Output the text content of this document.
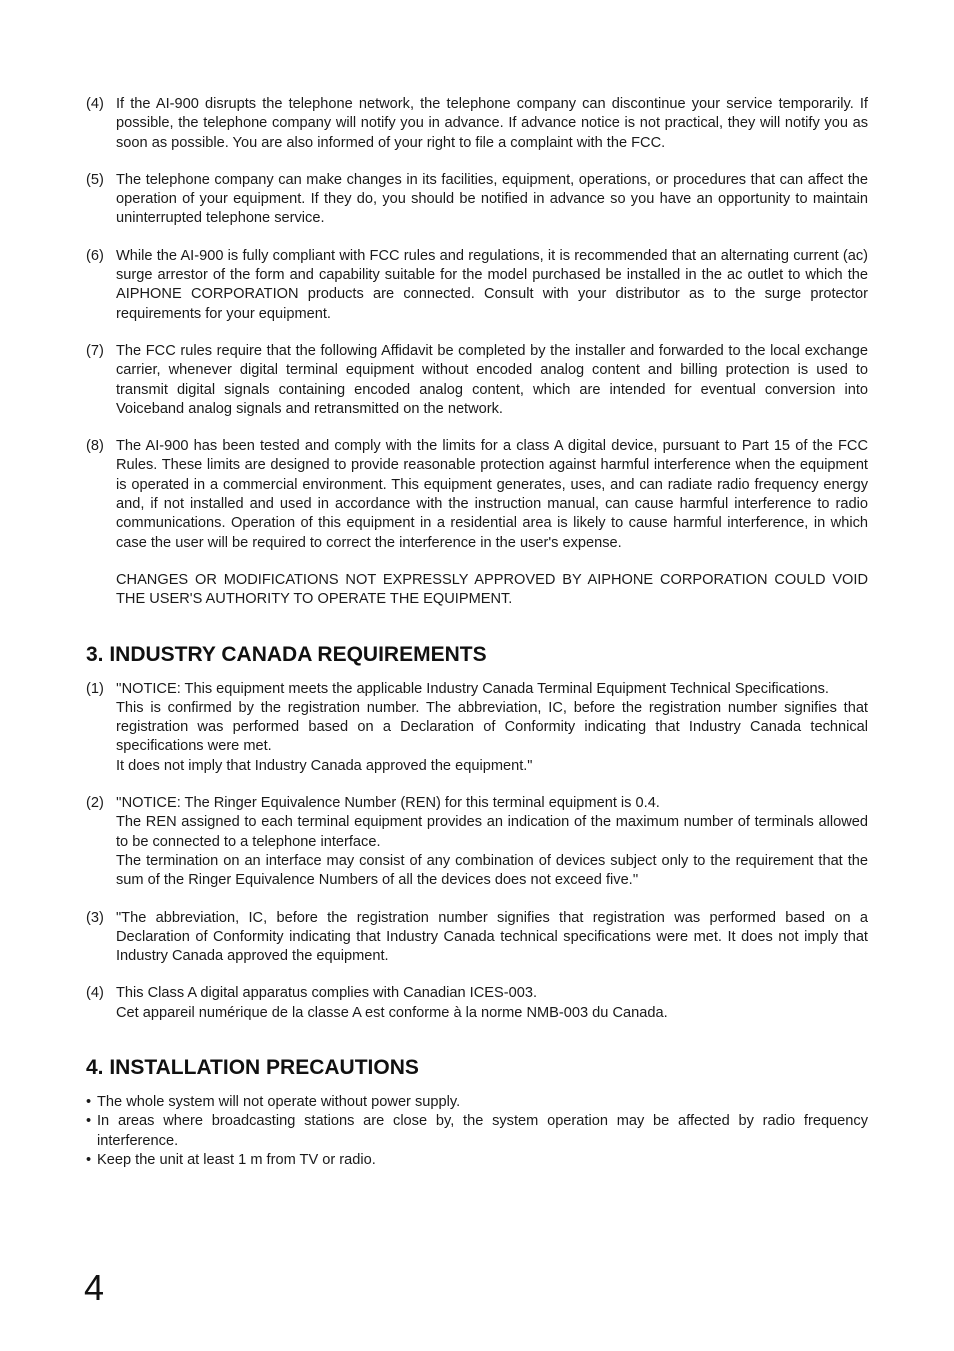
(4) If the AI-900 disrupts the telephone network, the telephone company can discontinue your service temporarily. If possible, the telephone company will notify you in advance. If advance notice is not practical, they will notify you as soon as possible. You are also informed of your right to file a complaint with the FCC.

(5) The telephone company can make changes in its facilities, equipment, operations, or procedures that can affect the operation of your equipment. If they do, you should be notified in advance so you have an opportunity to maintain uninterrupted telephone service.

(6) While the AI-900 is fully compliant with FCC rules and regulations, it is recommended that an alternating current (ac) surge arrestor of the form and capability suitable for the model purchased be installed in the ac outlet to which the AIPHONE CORPORATION products are connected. Consult with your distributor as to the surge protector requirements for your equipment.

(7) The FCC rules require that the following Affidavit be completed by the installer and forwarded to the local exchange carrier, whenever digital terminal equipment without encoded analog content and billing protection is used to transmit digital signals containing encoded analog content, which are intended for eventual conversion into Voiceband analog signals and retransmitted on the network.

(8) The AI-900 has been tested and comply with the limits for a class A digital device, pursuant to Part 15 of the FCC Rules. These limits are designed to provide reasonable protection against harmful interference when the equipment is operated in a commercial environment. This equipment generates, uses, and can radiate radio frequency energy and, if not installed and used in accordance with the instruction manual, can cause harmful interference to radio communications. Operation of this equipment in a residential area is likely to cause harmful interference, in which case the user will be required to correct the interference in the user's expense.

CHANGES OR MODIFICATIONS NOT EXPRESSLY APPROVED BY AIPHONE CORPORATION COULD VOID THE USER'S AUTHORITY TO OPERATE THE EQUIPMENT.

3. INDUSTRY CANADA REQUIREMENTS
(1) ''NOTICE: This equipment meets the applicable Industry Canada Terminal Equipment Technical Specifications.

This is confirmed by the registration number. The abbreviation, IC, before the registration number signifies that registration was performed based on a Declaration of Conformity indicating that Industry Canada technical specifications were met.

It does not imply that Industry Canada approved the equipment."

(2) ''NOTICE: The Ringer Equivalence Number (REN) for this terminal equipment is 0.4.

The REN assigned to each terminal equipment provides an indication of the maximum number of terminals allowed to be connected to a telephone interface.

The termination on an interface may consist of any combination of devices subject only to the requirement that the sum of the Ringer Equivalence Numbers of all the devices does not exceed five.''

(3) "The abbreviation, IC, before the registration number signifies that registration was performed based on a Declaration of Conformity indicating that Industry Canada technical specifications were met. It does not imply that Industry Canada approved the equipment.

(4) This Class A digital apparatus complies with Canadian ICES-003.

Cet appareil numérique de la classe A est conforme à la norme NMB-003 du Canada.

4. INSTALLATION PRECAUTIONS
• The whole system will not operate without power supply.
• In areas where broadcasting stations are close by, the system operation may be affected by radio frequency interference.
• Keep the unit at least 1 m from TV or radio.
4
